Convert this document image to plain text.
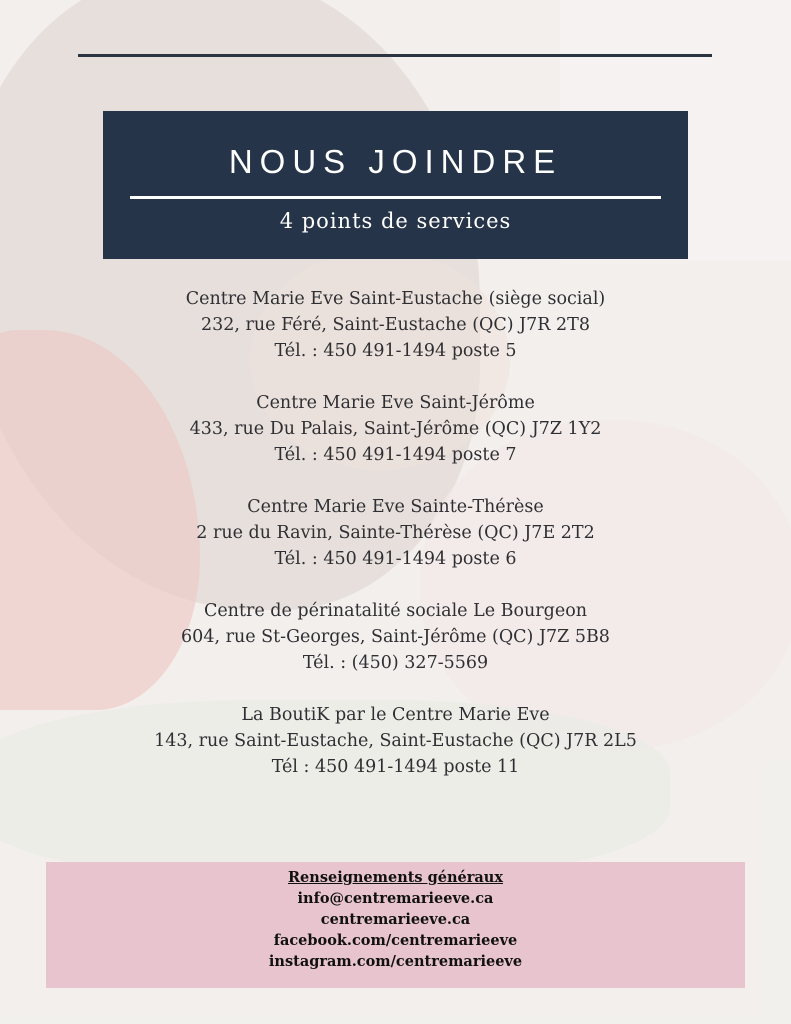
NOUS JOINDRE
4 points de services
Centre Marie Eve Saint-Eustache (siège social)
232, rue Féré, Saint-Eustache (QC) J7R 2T8
Tél. : 450 491-1494 poste 5
Centre Marie Eve Saint-Jérôme
433, rue Du Palais, Saint-Jérôme (QC) J7Z 1Y2
Tél. : 450 491-1494 poste 7
Centre Marie Eve Sainte-Thérèse
2 rue du Ravin, Sainte-Thérèse (QC) J7E 2T2
Tél. : 450 491-1494 poste 6
Centre de périnatalité sociale Le Bourgeon
604, rue St-Georges, Saint-Jérôme (QC) J7Z 5B8
Tél. : (450) 327-5569
La BoutiK par le Centre Marie Eve
143, rue Saint-Eustache, Saint-Eustache (QC) J7R 2L5
Tél : 450 491-1494 poste 11
Renseignements généraux
info@centremarieeve.ca
centremarieeve.ca
facebook.com/centremarieeve
instagram.com/centremarieeve
